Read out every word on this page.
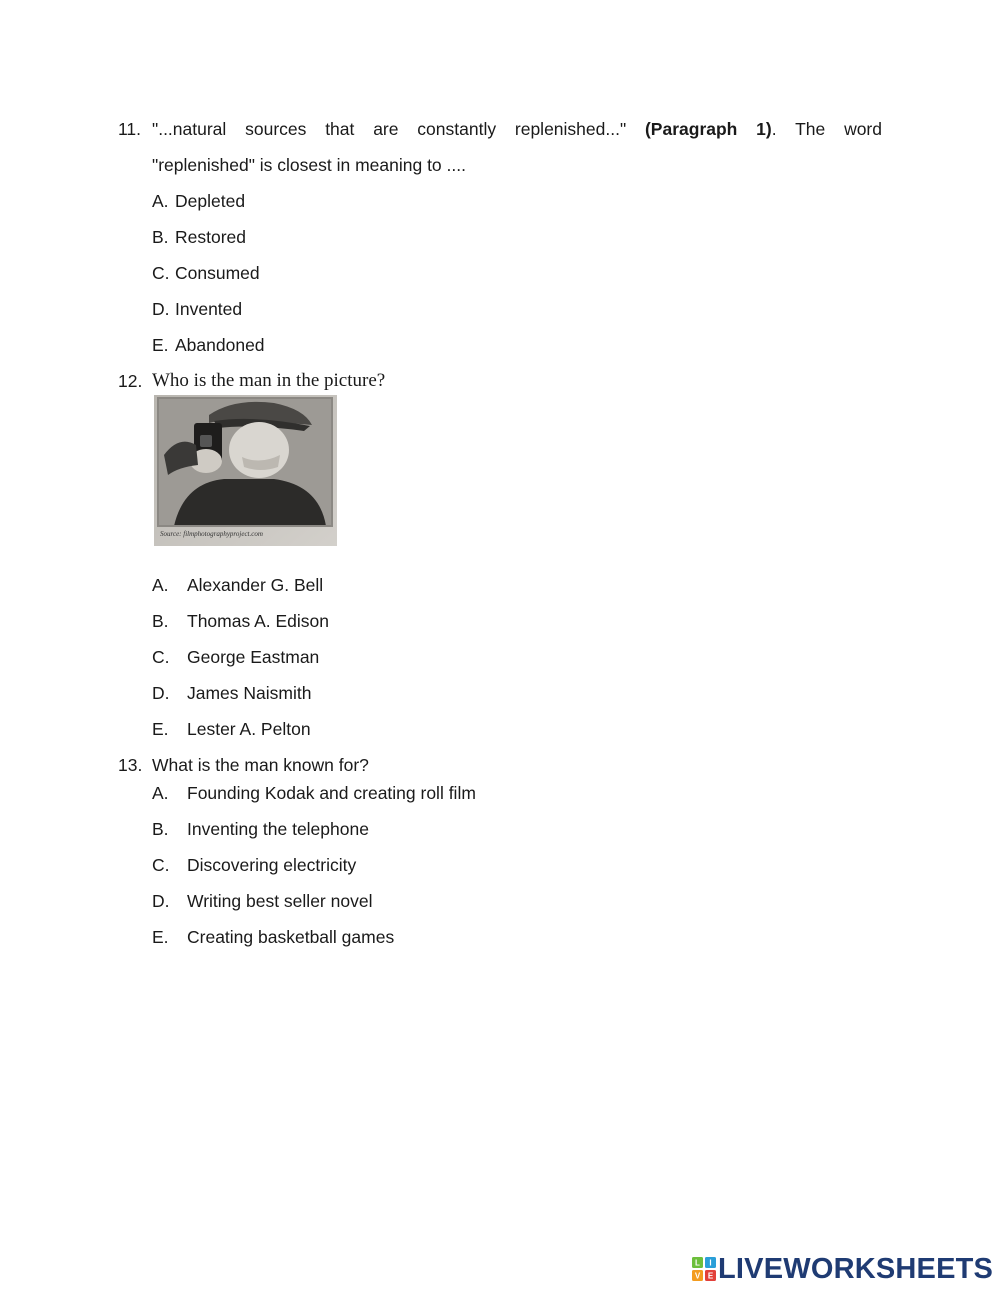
11. "...natural sources that are constantly replenished..." (Paragraph 1). The word
"replenished" is closest in meaning to ....
A. Depleted
B. Restored
C. Consumed
D. Invented
E. Abandoned
12. Who is the man in the picture?
Source: filmphotographyproject.com
A. Alexander G. Bell
B. Thomas A. Edison
C. George Eastman
D. James Naismith
E. Lester A. Pelton
13. What is the man known for?
A. Founding Kodak and creating roll film
B. Inventing the telephone
C. Discovering electricity
D. Writing best seller novel
E. Creating basketball games
L I
V E LIVEWORKSHEETS
